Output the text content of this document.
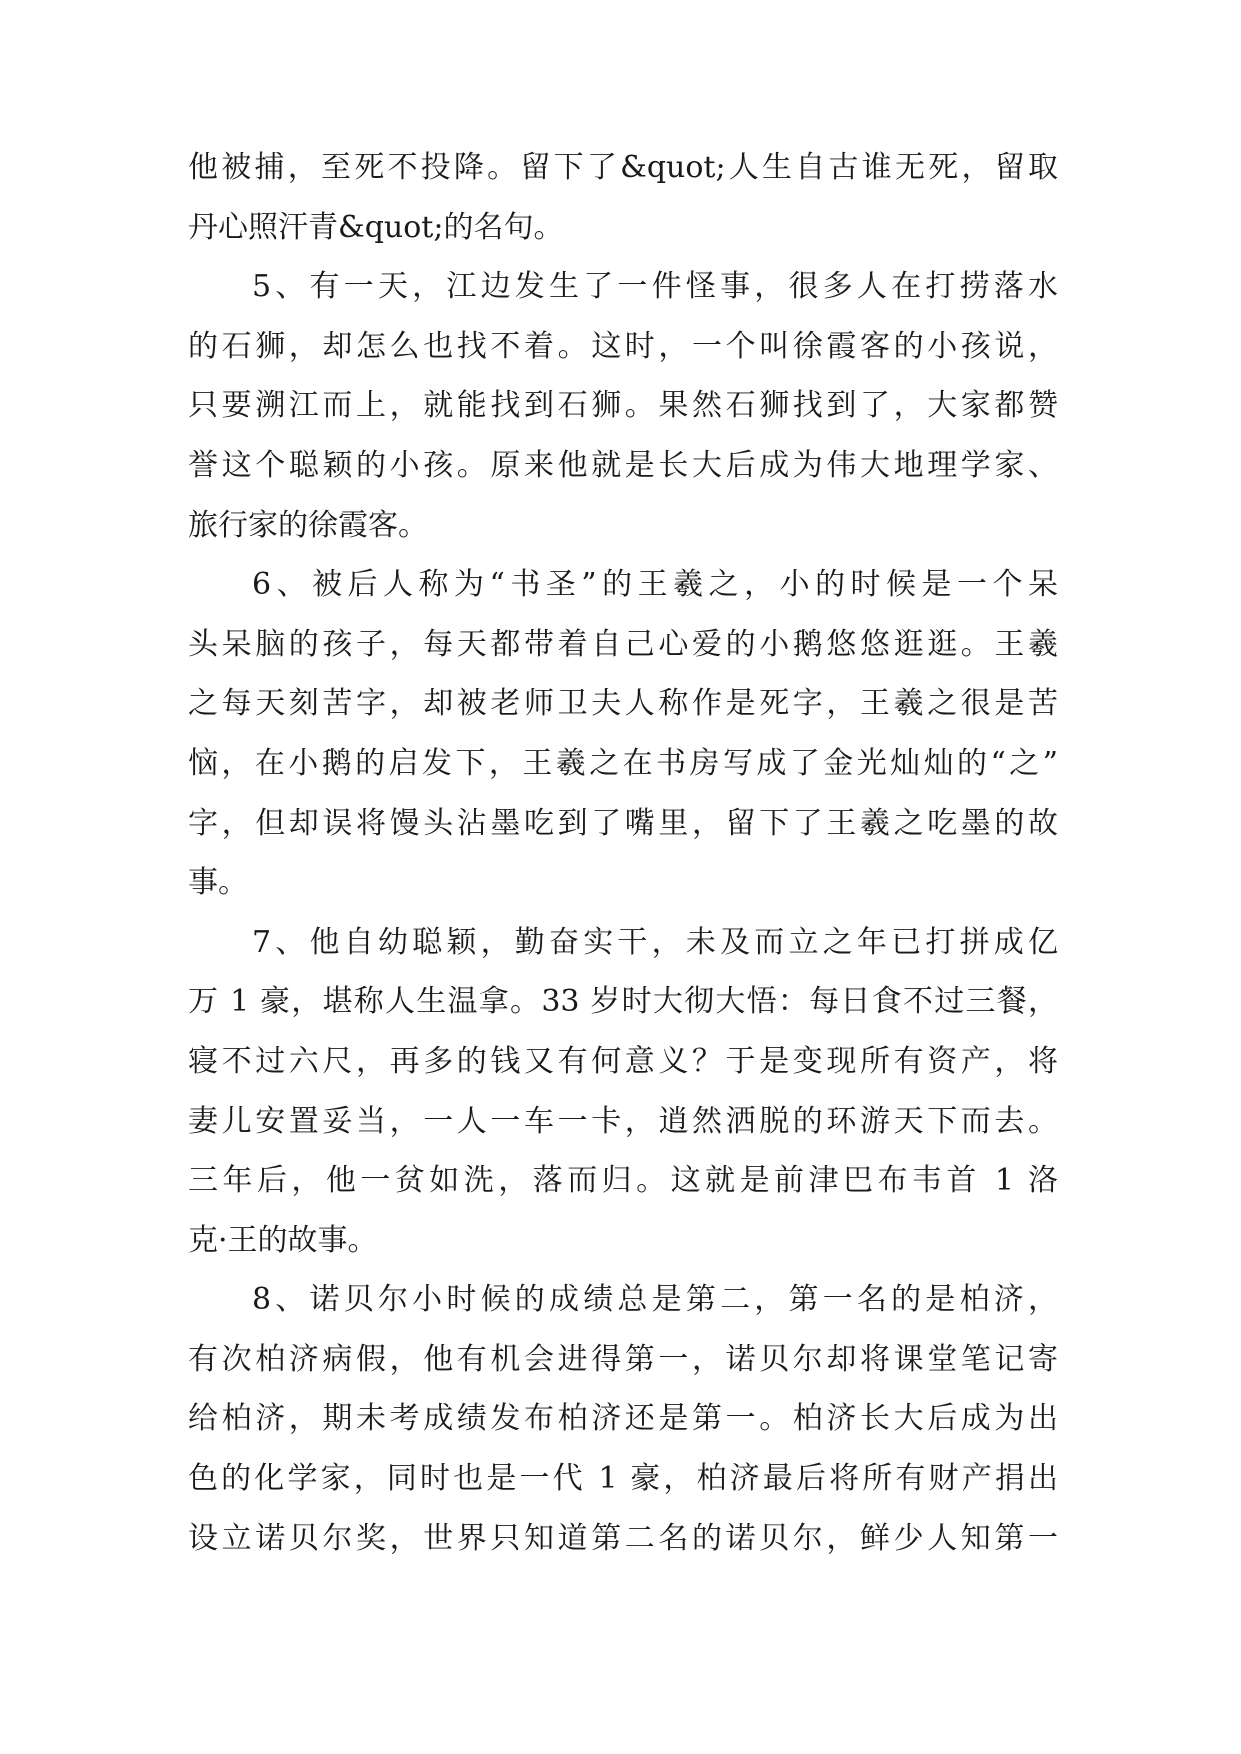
他被捕，至死不投降。留下了&quot;人生自古谁无死，留取
丹心照汗青&quot;的名句。
5、有一天，江边发生了一件怪事，很多人在打捞落水
的石狮，却怎么也找不着。这时，一个叫徐霞客的小孩说，
只要溯江而上，就能找到石狮。果然石狮找到了，大家都赞
誉这个聪颖的小孩。原来他就是长大后成为伟大地理学家、
旅行家的徐霞客。
6、被后人称为“书圣”的王羲之，小的时候是一个呆
头呆脑的孩子，每天都带着自己心爱的小鹅悠悠逛逛。王羲
之每天刻苦字，却被老师卫夫人称作是死字，王羲之很是苦
恼，在小鹅的启发下，王羲之在书房写成了金光灿灿的“之”
字，但却误将馒头沾墨吃到了嘴里，留下了王羲之吃墨的故
事。
7、他自幼聪颖，勤奋实干，未及而立之年已打拼成亿
万 1 豪，堪称人生温拿。33 岁时大彻大悟：每日食不过三餐，
寝不过六尺，再多的钱又有何意义？于是变现所有资产，将
妻儿安置妥当，一人一车一卡，逍然洒脱的环游天下而去。
三年后，他一贫如洗，落而归。这就是前津巴布韦首 1 洛
克·王的故事。
8、诺贝尔小时候的成绩总是第二，第一名的是柏济，
有次柏济病假，他有机会进得第一，诺贝尔却将课堂笔记寄
给柏济，期未考成绩发布柏济还是第一。柏济长大后成为出
色的化学家，同时也是一代 1 豪，柏济最后将所有财产捐出
设立诺贝尔奖，世界只知道第二名的诺贝尔，鲜少人知第一
